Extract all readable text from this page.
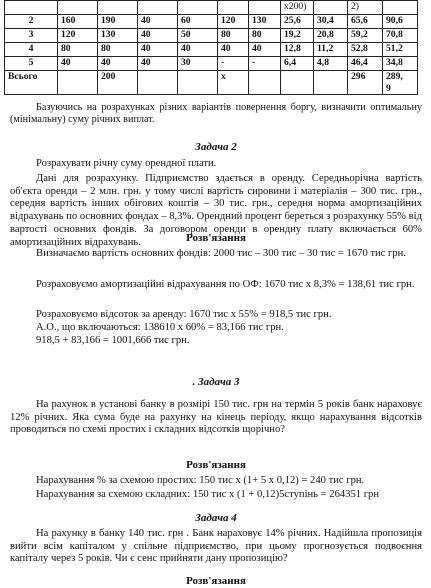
							x200)		2)	
2	160	190	40	60	120	130	25,6	30,4	65,6	90,6
3	120	130	40	50	80	80	19,2	20,8	59,2	70,8
4	80	80	40	40	40	40	12,8	11,2	52,8	51,2
5	40	40	40	30	-	-	6,4	4,8	46,4	34,8
Всього		200			x				296	289,
9
Базуючись на розрахунках різних варіантів повернення боргу, визначити оптимальну (мінімальну) суму річних виплат.
Задача 2

Розрахувати річну суму орендної плати.

Дані для розрахунку. Підприємство здається в оренду. Середньорічна вартість об'єкта оренди – 2 млн. грн. у тому числі вартість сировини і матеріалів – 300 тис. грн., середня вартість інших обігових коштів – 30 тис. грн., середня норма амортизаційних відрахувань по основних фондах – 8,3%. Орендний процент береться з розрахунку 55% від вартості основних фондів. За договором оренди в орендну плату включається 60% амортизаційних відрахувань.	Розв'язання

Визначаємо вартість основних фондів: 2000 тис – 300 тис – 30 тис = 1670 тис грн.

Розраховуємо амортизаційні відрахування по ОФ: 1670 тис х 8,3% = 138,61 тис грн.

Розраховуємо відсоток за аренду: 1670 тис х 55% = 918,5 тис грн.

А.О., що включаються: 138610 х 60% = 83,166 тис грн.

918,5 + 83,166 = 1001,666 тис грн.

. Задача 3

На рахунок в установі банку в розмірі 150 тис. грн на термін 5 років банк нараховує 12% річних. Яка сума буде на рахунку на кінець періоду, якщо нарахування відсотків проводиться по схемі простих і складних відсотків щорічно?

Розв'язання

Нарахування % за схемою простих: 150 тис х (1+ 5 х 0,12) = 240 тис грн.

Нарахування за схемою складних: 150 тис х (1 + 0,12)5ступінь = 264351 грн

Задача 4

На рахунку в банку 140 тис. грн . Банк нараховує 14% річних. Надійшла пропозиція вийти всім капіталом у спільне підприємство, при цьому прогнозується подвоєння капіталу через 5 років. Чи є сенс прийняти дану пропозицію?

Розв'язання
